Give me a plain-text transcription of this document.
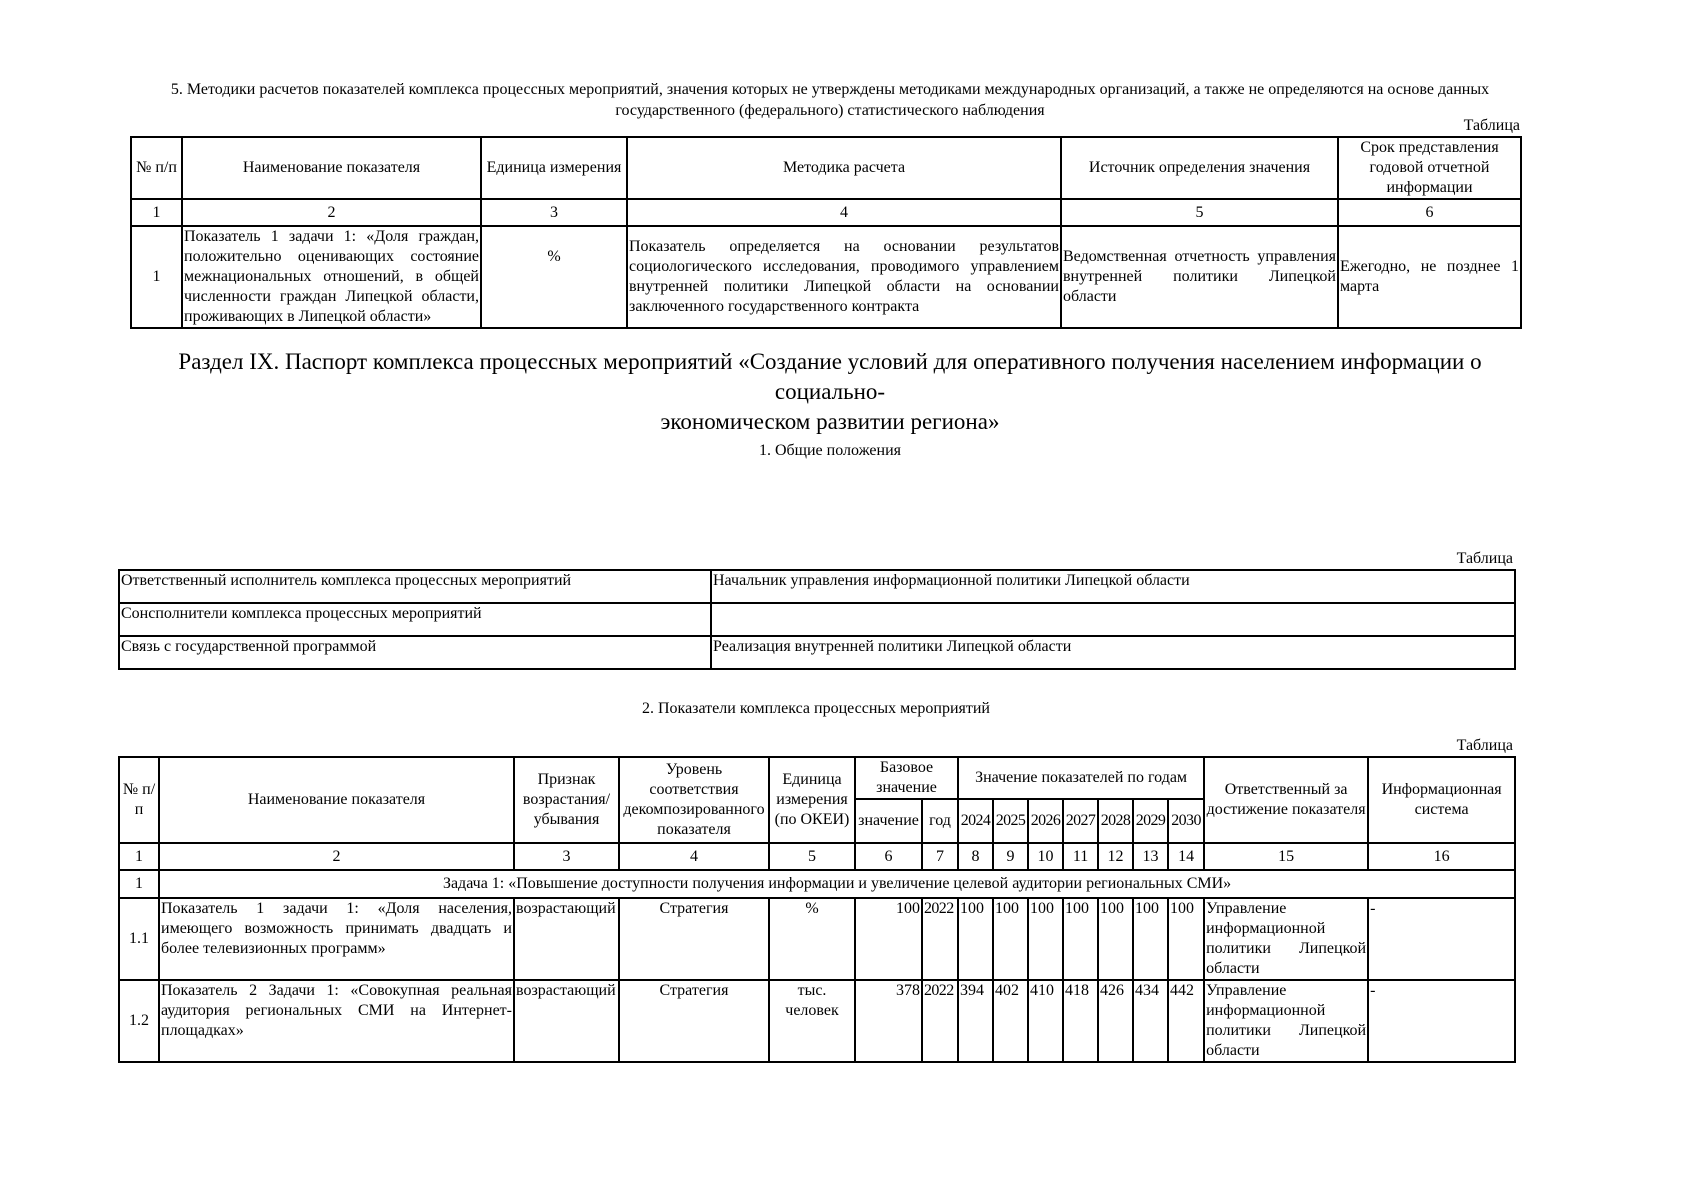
5. Методики расчетов показателей комплекса процессных мероприятий, значения которых не утверждены методиками международных организаций, а также не определяются на основе данных
государственного (федерального) статистического наблюдения
Таблица
№ п/п	Наименование показателя	Единица измерения	Методика расчета	Источник определения значения	Срок представления годовой отчетной информации
1	2	3	4	5	6
1	Показатель 1 задачи 1: «Доля граждан, положительно оценивающих состояние межнациональных отношений, в общей численности граждан Липецкой области, проживающих в Липецкой области»	%	Показатель определяется на основании результатов социологического исследования, проводимого управлением внутренней политики Липецкой области на основании заключенного государственного контракта	Ведомственная отчетность управления внутренней политики Липецкой области	Ежегодно, не позднее 1 марта
Раздел IX. Паспорт комплекса процессных мероприятий «Создание условий для оперативного получения населением информации о социально-
экономическом развитии региона»
1. Общие положения
Таблица
Ответственный исполнитель комплекса процессных мероприятий	Начальник управления информационной политики Липецкой области
Сонсполнители комплекса процессных мероприятий	
Связь с государственной программой	Реализация внутренней политики Липецкой области
2. Показатели комплекса процессных мероприятий
Таблица
№ п/п	Наименование показателя	Признак возрастания/ убывания	Уровень соответствия декомпозированного показателя	Единица измерения (по ОКЕИ)	Базовое значение		Значение показателей по годам							Ответственный за достижение показателя	Информационная система
					значение	год	2024	2025	2026	2027	2028	2029	2030		
1	2	3	4	5	6	7	8	9	10	11	12	13	14	15	16
1	Задача 1: «Повышение доступности получения информации и увеличение целевой аудитории региональных СМИ»														
1.1	Показатель 1 задачи 1: «Доля населения, имеющего возможность принимать двадцать и более телевизионных программ»	возрастающий	Стратегия	%	100	2022	100	100	100	100	100	100	100	Управление информационной политики Липецкой области	-
1.2	Показатель 2 Задачи 1: «Совокупная реальная аудитория региональных СМИ на Интернет-площадках»	возрастающий	Стратегия	тыс. человек	378	2022	394	402	410	418	426	434	442	Управление информационной политики Липецкой области	-
